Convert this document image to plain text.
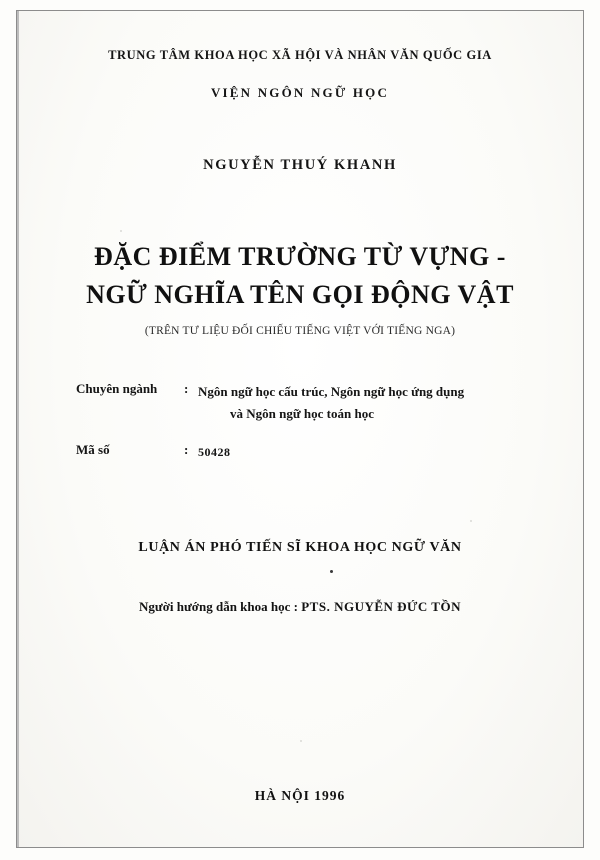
TRUNG TÂM KHOA HỌC XÃ HỘI VÀ NHÂN VĂN QUỐC GIA
VIỆN NGÔN NGỮ HỌC
NGUYỄN THUÝ KHANH
ĐẶC ĐIỂM TRƯỜNG TỪ VỰNG -
NGỮ NGHĨA TÊN GỌI ĐỘNG VẬT
(TRÊN TƯ LIỆU ĐỐI CHIẾU TIẾNG VIỆT VỚI TIẾNG NGA)
Chuyên ngành	: Ngôn ngữ học cấu trúc, Ngôn ngữ học ứng dụng
và Ngôn ngữ học toán học
Mã số	: 50428
LUẬN ÁN PHÓ TIẾN SĨ KHOA HỌC NGỮ VĂN
Người hướng dẫn khoa học : PTS. NGUYỄN ĐỨC TỒN
HÀ NỘI 1996
